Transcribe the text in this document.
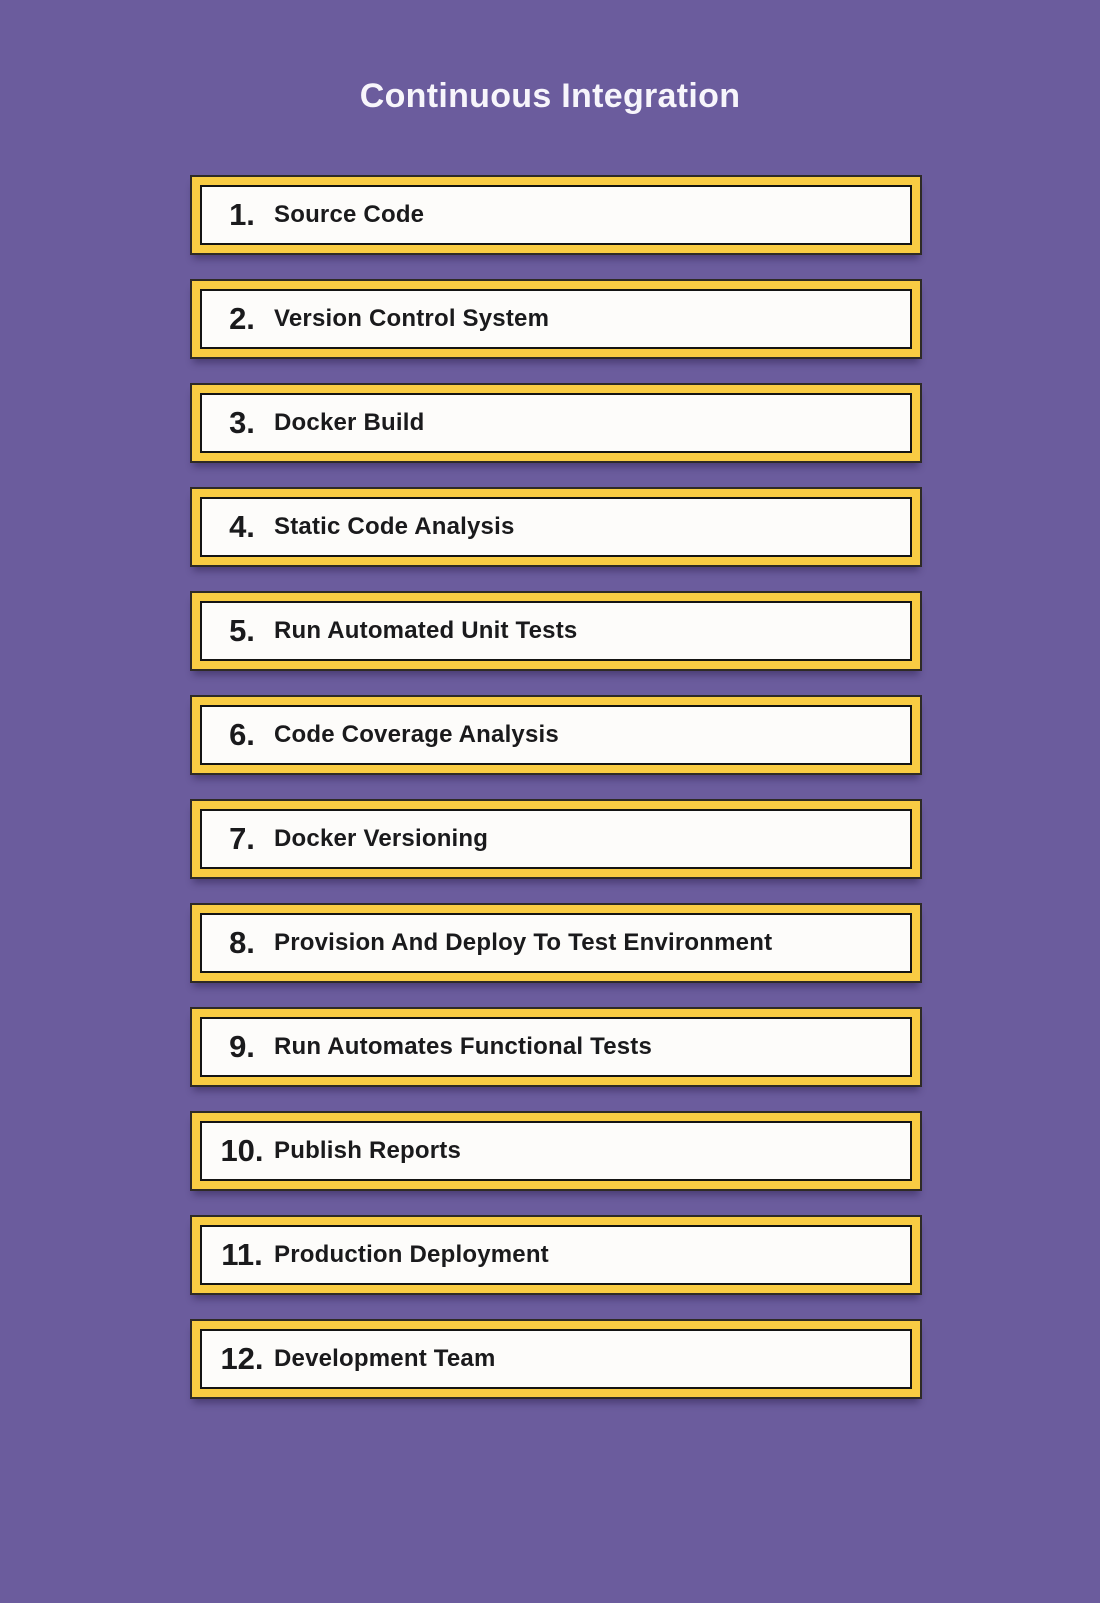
Continuous Integration
1. Source Code
2. Version Control System
3. Docker Build
4. Static Code Analysis
5. Run Automated Unit Tests
6. Code Coverage Analysis
7. Docker Versioning
8. Provision And Deploy To Test Environment
9. Run Automates Functional Tests
10. Publish Reports
11. Production Deployment
12. Development Team
